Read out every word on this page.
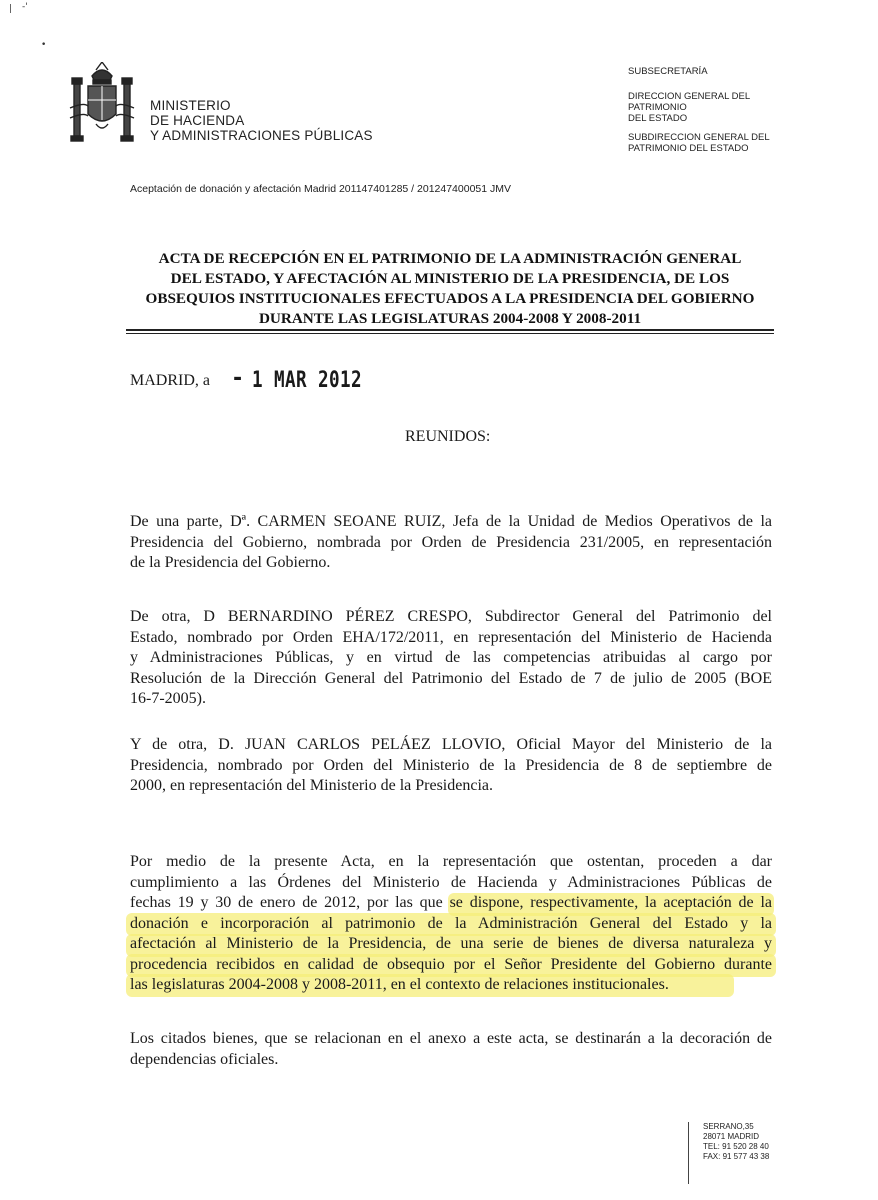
| -'
•
MINISTERIO
DE HACIENDA
Y ADMINISTRACIONES PÚBLICAS
SUBSECRETARÍA
DIRECCION GENERAL DEL
PATRIMONIO
DEL ESTADO
SUBDIRECCION GENERAL DEL
PATRIMONIO DEL ESTADO
Aceptación de donación y afectación Madrid 201147401285 / 201247400051 JMV
ACTA DE RECEPCIÓN EN EL PATRIMONIO DE LA ADMINISTRACIÓN GENERAL
DEL ESTADO, Y AFECTACIÓN AL MINISTERIO DE LA PRESIDENCIA, DE LOS
OBSEQUIOS INSTITUCIONALES EFECTUADOS A LA PRESIDENCIA DEL GOBIERNO
DURANTE LAS LEGISLATURAS 2004-2008 Y 2008-2011
MADRID, a - 1 MAR 2012
REUNIDOS:
De una parte, Dª. CARMEN SEOANE RUIZ, Jefa de la Unidad de Medios Operativos de la
Presidencia del Gobierno, nombrada por Orden de Presidencia 231/2005, en representación
de la Presidencia del Gobierno.
De otra, D BERNARDINO PÉREZ CRESPO, Subdirector General del Patrimonio del
Estado, nombrado por Orden EHA/172/2011, en representación del Ministerio de Hacienda
y Administraciones Públicas, y en virtud de las competencias atribuidas al cargo por
Resolución de la Dirección General del Patrimonio del Estado de 7 de julio de 2005 (BOE
16-7-2005).
Y de otra, D. JUAN CARLOS PELÁEZ LLOVIO, Oficial Mayor del Ministerio de la
Presidencia, nombrado por Orden del Ministerio de la Presidencia de 8 de septiembre de
2000, en representación del Ministerio de la Presidencia.
Por medio de la presente Acta, en la representación que ostentan, proceden a dar
cumplimiento a las Órdenes del Ministerio de Hacienda y Administraciones Públicas de
fechas 19 y 30 de enero de 2012, por las que se dispone, respectivamente, la aceptación de la
donación e incorporación al patrimonio de la Administración General del Estado y la
afectación al Ministerio de la Presidencia, de una serie de bienes de diversa naturaleza y
procedencia recibidos en calidad de obsequio por el Señor Presidente del Gobierno durante
las legislaturas 2004-2008 y 2008-2011, en el contexto de relaciones institucionales.
Los citados bienes, que se relacionan en el anexo a este acta, se destinarán a la decoración de
dependencias oficiales.
SERRANO,35
28071 MADRID
TEL: 91 520 28 40
FAX: 91 577 43 38
